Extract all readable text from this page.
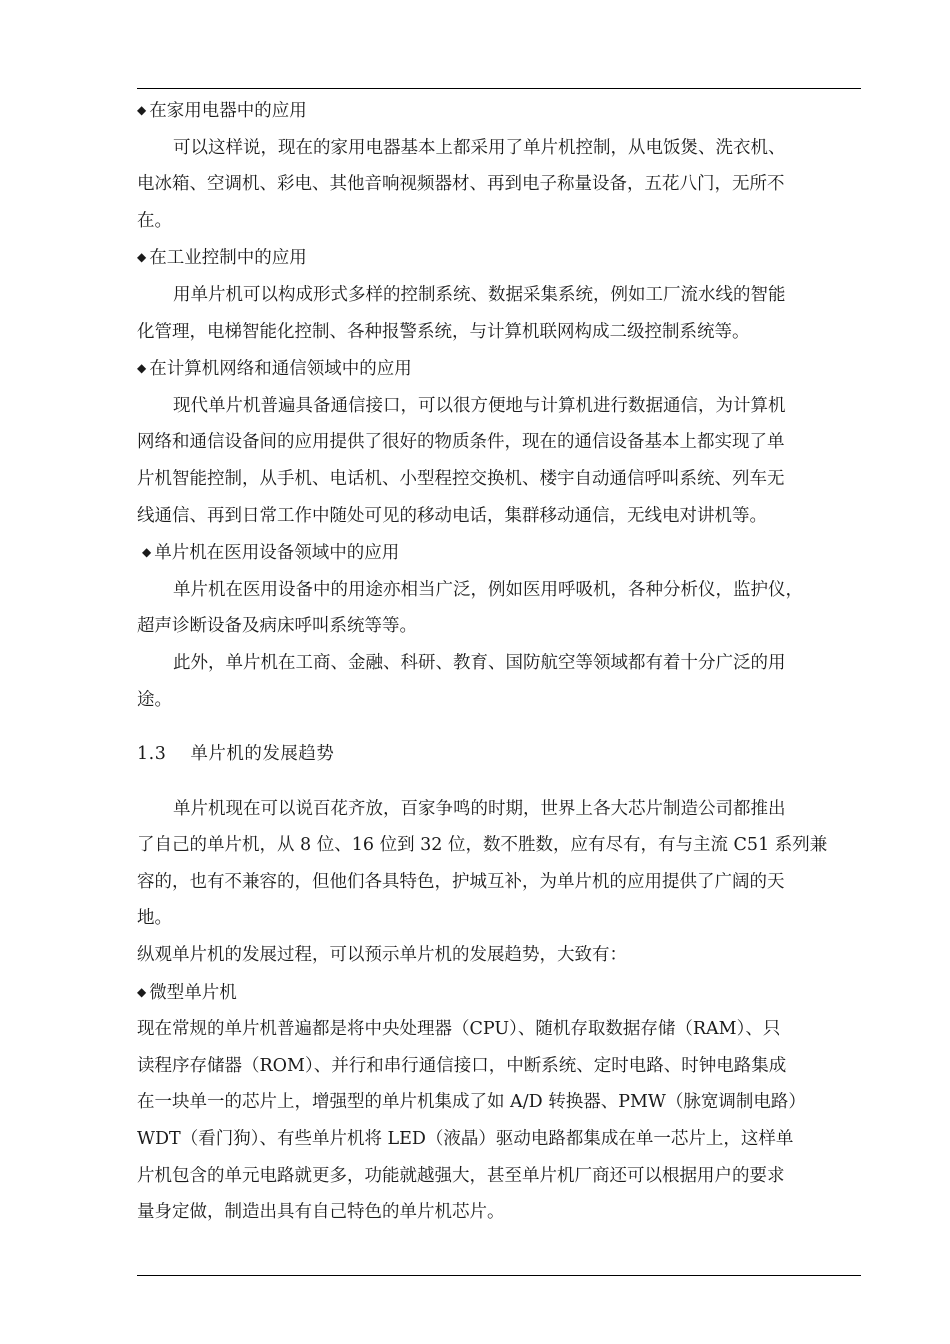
◆ 在家用电器中的应用
可以这样说，现在的家用电器基本上都采用了单片机控制，从电饭煲、洗衣机、
电冰箱、空调机、彩电、其他音响视频器材、再到电子称量设备，五花八门，无所不
在。
◆ 在工业控制中的应用
用单片机可以构成形式多样的控制系统、数据采集系统，例如工厂流水线的智能
化管理，电梯智能化控制、各种报警系统，与计算机联网构成二级控制系统等。
◆ 在计算机网络和通信领域中的应用
现代单片机普遍具备通信接口，可以很方便地与计算机进行数据通信，为计算机
网络和通信设备间的应用提供了很好的物质条件，现在的通信设备基本上都实现了单
片机智能控制，从手机、电话机、小型程控交换机、楼宇自动通信呼叫系统、列车无
线通信、再到日常工作中随处可见的移动电话，集群移动通信，无线电对讲机等。
◆ 单片机在医用设备领域中的应用
单片机在医用设备中的用途亦相当广泛，例如医用呼吸机，各种分析仪，监护仪，
超声诊断设备及病床呼叫系统等等。
此外，单片机在工商、金融、科研、教育、国防航空等领域都有着十分广泛的用
途。
1.3 单片机的发展趋势
单片机现在可以说百花齐放，百家争鸣的时期，世界上各大芯片制造公司都推出
了自己的单片机，从 8 位、16 位到 32 位，数不胜数，应有尽有，有与主流 C51 系列兼
容的，也有不兼容的，但他们各具特色，护城互补，为单片机的应用提供了广阔的天
地。
纵观单片机的发展过程，可以预示单片机的发展趋势，大致有：
◆ 微型单片机
现在常规的单片机普遍都是将中央处理器（CPU）、随机存取数据存储（RAM）、只
读程序存储器（ROM）、并行和串行通信接口，中断系统、定时电路、时钟电路集成
在一块单一的芯片上，增强型的单片机集成了如 A/D 转换器、PMW（脉宽调制电路）
WDT（看门狗）、有些单片机将 LED（液晶）驱动电路都集成在单一芯片上，这样单
片机包含的单元电路就更多，功能就越强大，甚至单片机厂商还可以根据用户的要求
量身定做，制造出具有自己特色的单片机芯片。
